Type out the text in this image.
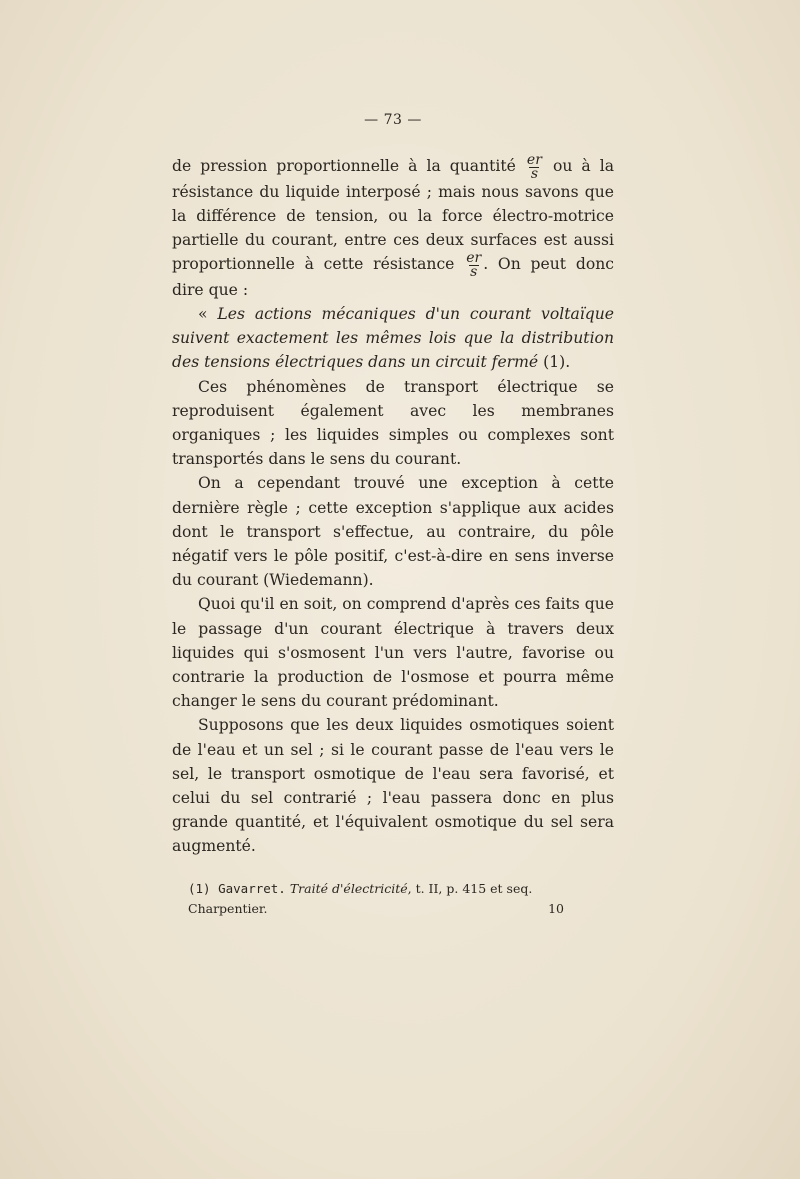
— 73 —

de pression proportionnelle à la quantité $\frac{er}{s}$ ou à la résistance du liquide interposé ; mais nous savons que la différence de tension, ou la force électro-motrice partielle du courant, entre ces deux surfaces est aussi proportionnelle à cette résistance $\frac{er}{s}$ . On peut donc dire que :

« Les actions mécaniques d'un courant voltaïque suivent exactement les mêmes lois que la distribution des tensions électriques dans un circuit fermé (1).

Ces phénomènes de transport électrique se reproduisent également avec les membranes organiques ; les liquides simples ou complexes sont transportés dans le sens du courant.

On a cependant trouvé une exception à cette dernière règle ; cette exception s'applique aux acides dont le transport s'effectue, au contraire, du pôle négatif vers le pôle positif, c'est-à-dire en sens inverse du courant (Wiedemann).

Quoi qu'il en soit, on comprend d'après ces faits que le passage d'un courant électrique à travers deux liquides qui s'osmosent l'un vers l'autre, favorise ou contrarie la production de l'osmose et pourra même changer le sens du courant prédominant.

Supposons que les deux liquides osmotiques soient de l'eau et un sel ; si le courant passe de l'eau vers le sel, le transport osmotique de l'eau sera favorisé, et celui du sel contrarié ; l'eau passera donc en plus grande quantité, et l'équivalent osmotique du sel sera augmenté.

(1) Gavarret. Traité d'électricité, t. II, p. 415 et seq.
Charpentier.	10
